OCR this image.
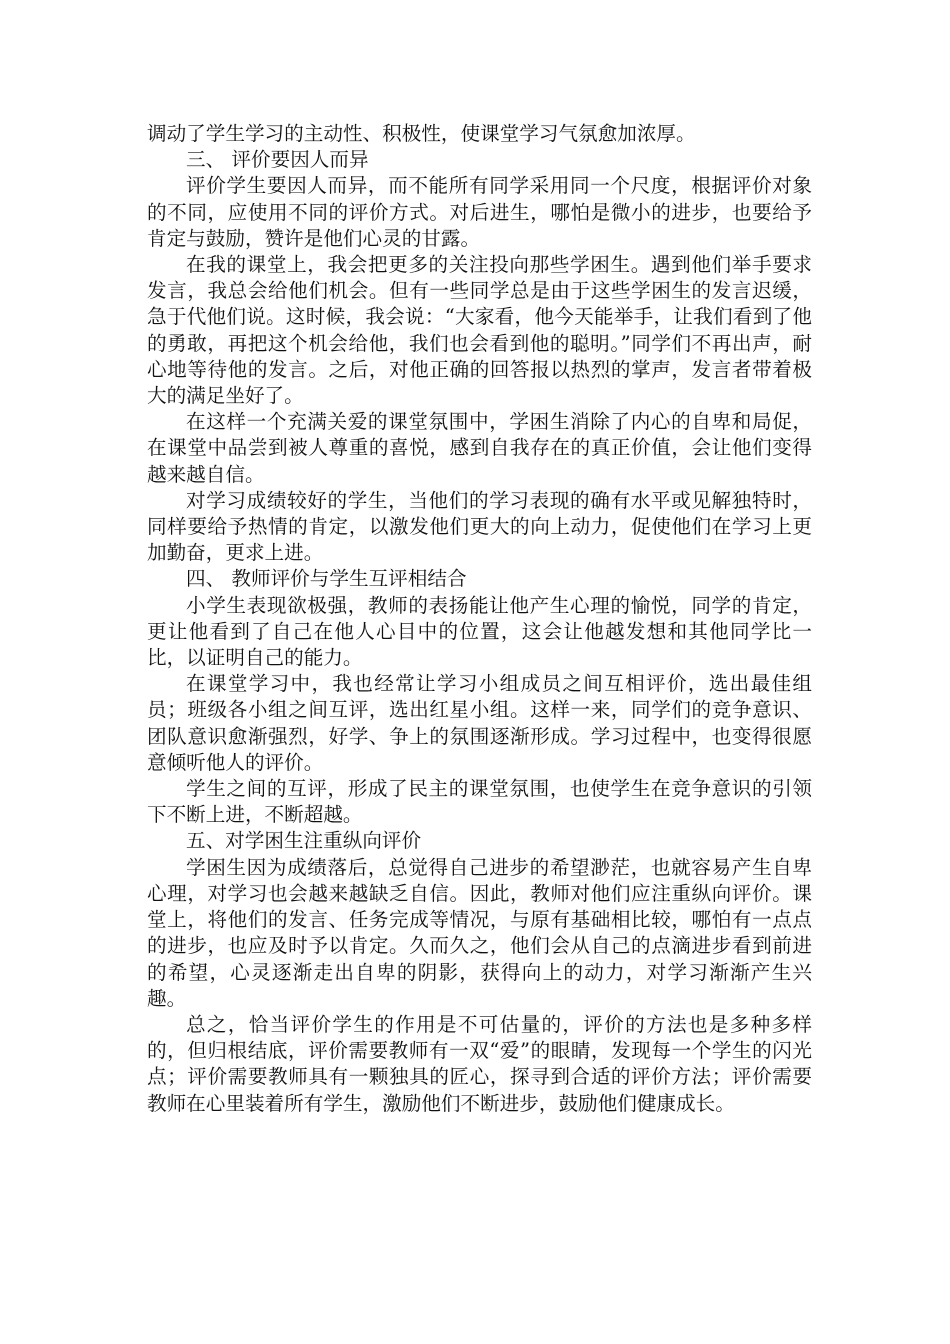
调动了学生学习的主动性、积极性，使课堂学习气氛愈加浓厚。

三、 评价要因人而异

评价学生要因人而异，而不能所有同学采用同一个尺度，根据评价对象的不同，应使用不同的评价方式。对后进生，哪怕是微小的进步，也要给予肯定与鼓励，赞许是他们心灵的甘露。

在我的课堂上，我会把更多的关注投向那些学困生。遇到他们举手要求发言，我总会给他们机会。但有一些同学总是由于这些学困生的发言迟缓，急于代他们说。这时候，我会说：“大家看，他今天能举手，让我们看到了他的勇敢，再把这个机会给他，我们也会看到他的聪明。”同学们不再出声，耐心地等待他的发言。之后，对他正确的回答报以热烈的掌声，发言者带着极大的满足坐好了。

在这样一个充满关爱的课堂氛围中，学困生消除了内心的自卑和局促，在课堂中品尝到被人尊重的喜悦，感到自我存在的真正价值，会让他们变得越来越自信。

对学习成绩较好的学生，当他们的学习表现的确有水平或见解独特时，同样要给予热情的肯定，以激发他们更大的向上动力，促使他们在学习上更加勤奋，更求上进。

四、 教师评价与学生互评相结合

小学生表现欲极强，教师的表扬能让他产生心理的愉悦，同学的肯定，更让他看到了自己在他人心目中的位置，这会让他越发想和其他同学比一比，以证明自己的能力。

在课堂学习中，我也经常让学习小组成员之间互相评价，选出最佳组员；班级各小组之间互评，选出红星小组。这样一来，同学们的竞争意识、团队意识愈渐强烈，好学、争上的氛围逐渐形成。学习过程中，也变得很愿意倾听他人的评价。

学生之间的互评，形成了民主的课堂氛围，也使学生在竞争意识的引领下不断上进，不断超越。

五、对学困生注重纵向评价

学困生因为成绩落后，总觉得自己进步的希望渺茫，也就容易产生自卑心理，对学习也会越来越缺乏自信。因此，教师对他们应注重纵向评价。课堂上，将他们的发言、任务完成等情况，与原有基础相比较，哪怕有一点点的进步，也应及时予以肯定。久而久之，他们会从自己的点滴进步看到前进的希望，心灵逐渐走出自卑的阴影，获得向上的动力，对学习渐渐产生兴趣。

总之，恰当评价学生的作用是不可估量的，评价的方法也是多种多样的，但归根结底，评价需要教师有一双“爱”的眼睛，发现每一个学生的闪光点；评价需要教师具有一颗独具的匠心，探寻到合适的评价方法；评价需要教师在心里装着所有学生，激励他们不断进步，鼓励他们健康成长。
